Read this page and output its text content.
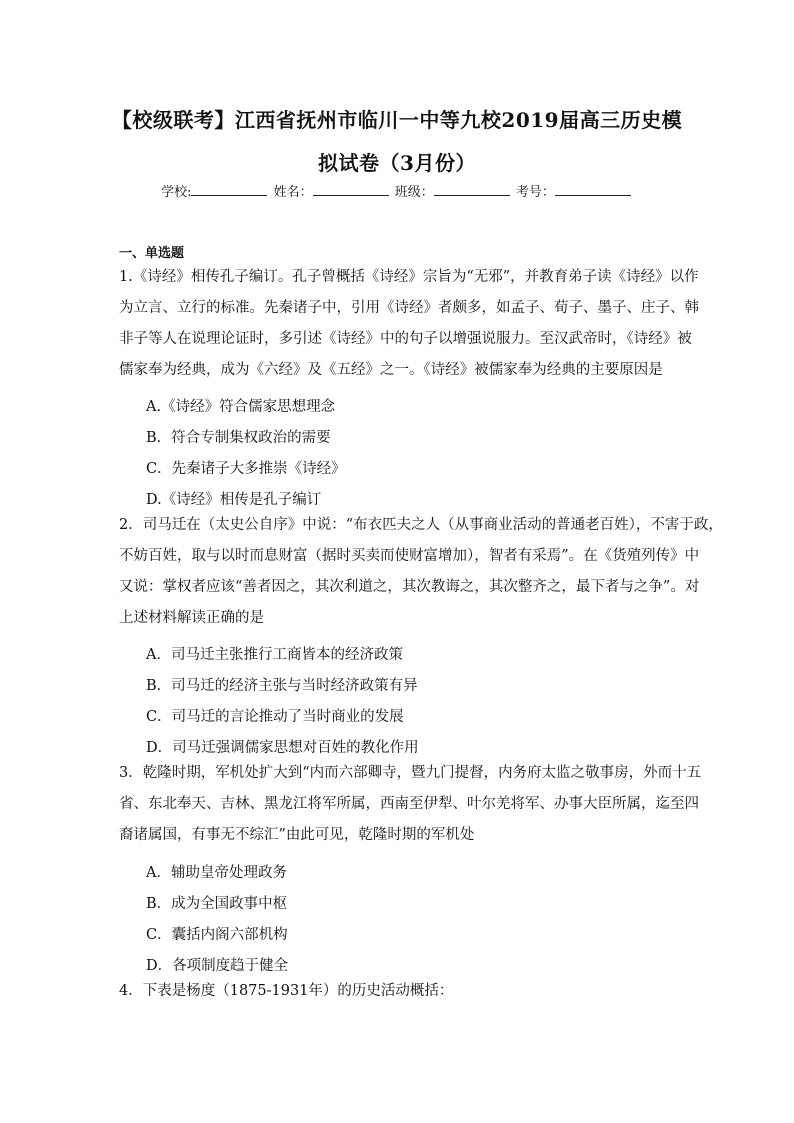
【校级联考】江西省抚州市临川一中等九校2019届高三历史模
拟试卷（3月份）
学校:	姓名：	班级：	考号：
一、单选题
1.《诗经》相传孔子编订。孔子曾概括《诗经》宗旨为“无邪”，并教育弟子读《诗经》以作
为立言、立行的标准。先秦诸子中，引用《诗经》者颇多，如孟子、荀子、墨子、庄子、韩
非子等人在说理论证时，多引述《诗经》中的句子以增强说服力。至汉武帝时，《诗经》被
儒家奉为经典，成为《六经》及《五经》之一。《诗经》被儒家奉为经典的主要原因是
A.《诗经》符合儒家思想理念
B．符合专制集权政治的需要
C．先秦诸子大多推崇《诗经》
D.《诗经》相传是孔子编订
2．司马迁在（太史公自序》中说：“布衣匹夫之人（从事商业活动的普通老百姓），不害于政，
不妨百姓，取与以时而息财富（据时买卖而使财富增加），智者有采焉”。在《货殖列传》中
又说：掌权者应该“善者因之，其次利道之，其次教诲之，其次整齐之，最下者与之争”。对
上述材料解读正确的是
A．司马迁主张推行工商皆本的经济政策
B．司马迁的经济主张与当时经济政策有异
C．司马迁的言论推动了当时商业的发展
D．司马迁强调儒家思想对百姓的教化作用
3．乾隆时期，军机处扩大到“内而六部卿寺，暨九门提督，内务府太监之敬事房，外而十五
省、东北奉天、吉林、黑龙江将军所属，西南至伊犁、叶尔羌将军、办事大臣所属，迄至四
裔诸属国，有事无不综汇”由此可见，乾隆时期的军机处
A．辅助皇帝处理政务
B．成为全国政事中枢
C．囊括内阁六部机构
D．各项制度趋于健全
4．下表是杨度（1875-1931年）的历史活动概括：
